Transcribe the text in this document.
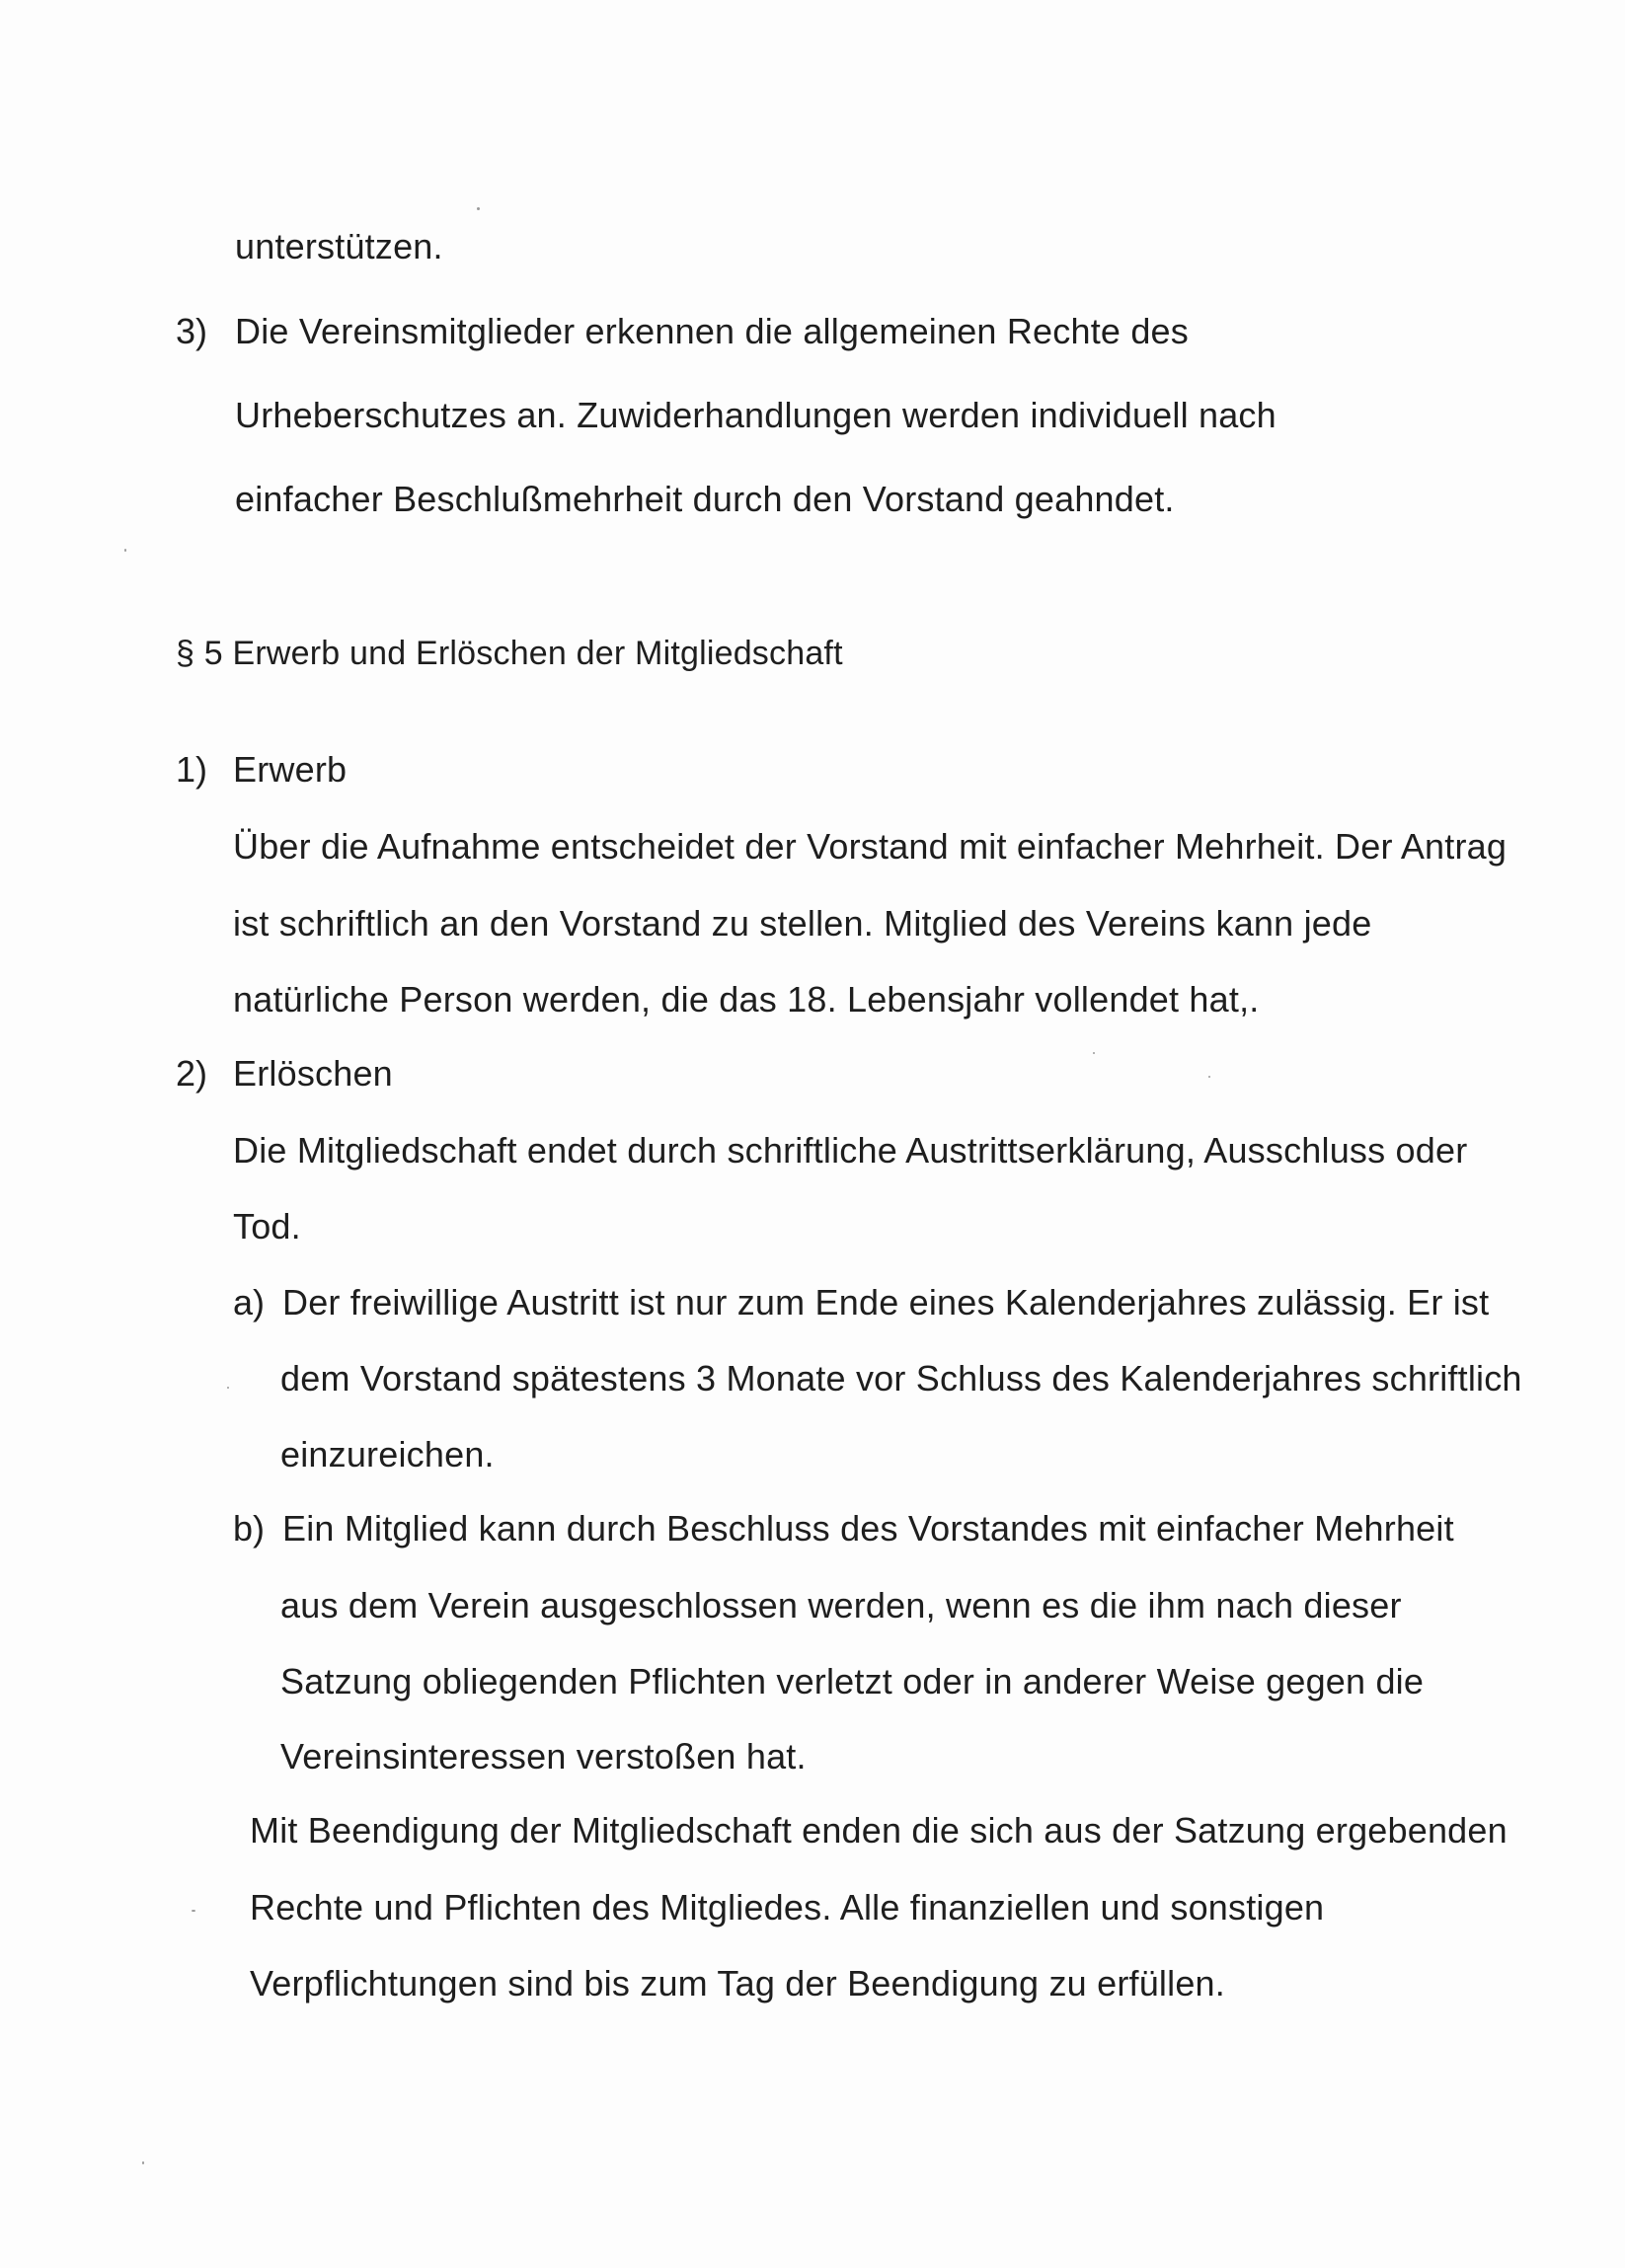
unterstützen.
3) Die Vereinsmitglieder erkennen die allgemeinen Rechte des
Urheberschutzes an. Zuwiderhandlungen werden individuell nach
einfacher Beschlußmehrheit durch den Vorstand geahndet.
§ 5 Erwerb und Erlöschen der Mitgliedschaft
1) Erwerb
Über die Aufnahme entscheidet der Vorstand mit einfacher Mehrheit. Der Antrag
ist schriftlich an den Vorstand zu stellen. Mitglied des Vereins kann jede
natürliche Person werden, die das 18. Lebensjahr vollendet hat,.
2) Erlöschen
Die Mitgliedschaft endet durch schriftliche Austrittserklärung, Ausschluss oder
Tod.
a) Der freiwillige Austritt ist nur zum Ende eines Kalenderjahres zulässig. Er ist
dem Vorstand spätestens 3 Monate vor Schluss des Kalenderjahres schriftlich
einzureichen.
b) Ein Mitglied kann durch Beschluss des Vorstandes mit einfacher Mehrheit
aus dem Verein ausgeschlossen werden, wenn es die ihm nach dieser
Satzung obliegenden Pflichten verletzt oder in anderer Weise gegen die
Vereinsinteressen verstoßen hat.
Mit Beendigung der Mitgliedschaft enden die sich aus der Satzung ergebenden
Rechte und Pflichten des Mitgliedes. Alle finanziellen und sonstigen
Verpflichtungen sind bis zum Tag der Beendigung zu erfüllen.
